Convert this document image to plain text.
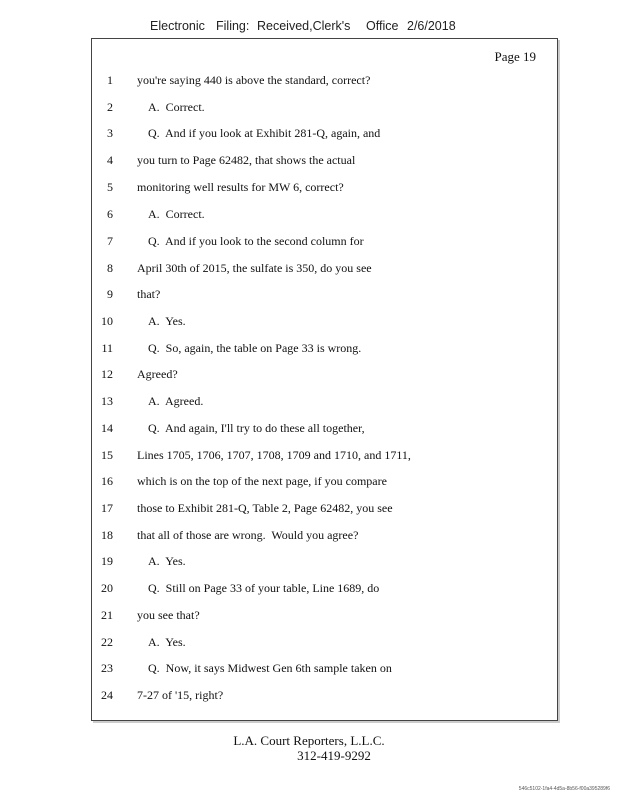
Electronic Filing: Received,Clerk's Office 2/6/2018
Page 19
1 you're saying 440 is above the standard, correct?
2	A.  Correct.
3	Q.  And if you look at Exhibit 281-Q, again, and
4 you turn to Page 62482, that shows the actual
5 monitoring well results for MW 6, correct?
6	A.  Correct.
7	Q.  And if you look to the second column for
8 April 30th of 2015, the sulfate is 350, do you see
9 that?
10	A.  Yes.
11	Q.  So, again, the table on Page 33 is wrong.
12 Agreed?
13	A.  Agreed.
14	Q.  And again, I'll try to do these all together,
15 Lines 1705, 1706, 1707, 1708, 1709 and 1710, and 1711,
16 which is on the top of the next page, if you compare
17 those to Exhibit 281-Q, Table 2, Page 62482, you see
18 that all of those are wrong.  Would you agree?
19	A.  Yes.
20	Q.  Still on Page 33 of your table, Line 1689, do
21 you see that?
22	A.  Yes.
23	Q.  Now, it says Midwest Gen 6th sample taken on
24 7-27 of '15, right?
L.A. Court Reporters, L.L.C.
312-419-9292
546c5102-1fa4-4d5a-8b56-f00a395289f6
